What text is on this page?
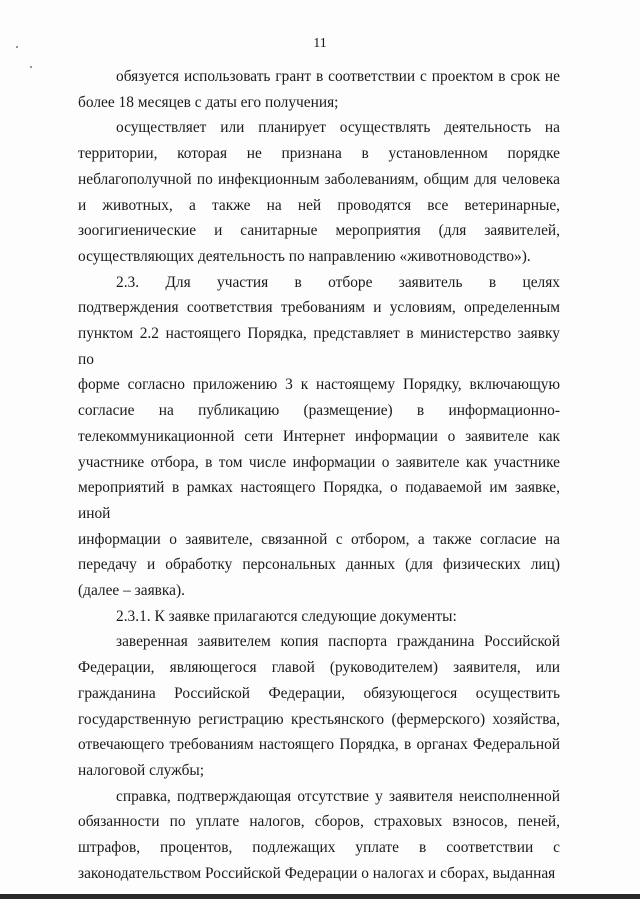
11
обязуется использовать грант в соответствии с проектом в срок не
более 18 месяцев с даты его получения;
осуществляет или планирует осуществлять деятельность на
территории, которая не признана в установленном порядке
неблагополучной по инфекционным заболеваниям, общим для человека
и животных, а также на ней проводятся все ветеринарные,
зоогигиенические и санитарные мероприятия (для заявителей,
осуществляющих деятельность по направлению «животноводство»).
2.3. Для участия в отборе заявитель в целях
подтверждения соответствия требованиям и условиям, определенным
пунктом 2.2 настоящего Порядка, представляет в министерство заявку по
форме согласно приложению 3 к настоящему Порядку, включающую
согласие на публикацию (размещение) в информационно-
телекоммуникационной сети Интернет информации о заявителе как
участнике отбора, в том числе информации о заявителе как участнике
мероприятий в рамках настоящего Порядка, о подаваемой им заявке, иной
информации о заявителе, связанной с отбором, а также согласие на
передачу и обработку персональных данных (для физических лиц)
(далее – заявка).
2.3.1. К заявке прилагаются следующие документы:
заверенная заявителем копия паспорта гражданина Российской
Федерации, являющегося главой (руководителем) заявителя, или
гражданина Российской Федерации, обязующегося осуществить
государственную регистрацию крестьянского (фермерского) хозяйства,
отвечающего требованиям настоящего Порядка, в органах Федеральной
налоговой службы;
справка, подтверждающая отсутствие у заявителя неисполненной
обязанности по уплате налогов, сборов, страховых взносов, пеней,
штрафов, процентов, подлежащих уплате в соответствии с
законодательством Российской Федерации о налогах и сборах, выданная
